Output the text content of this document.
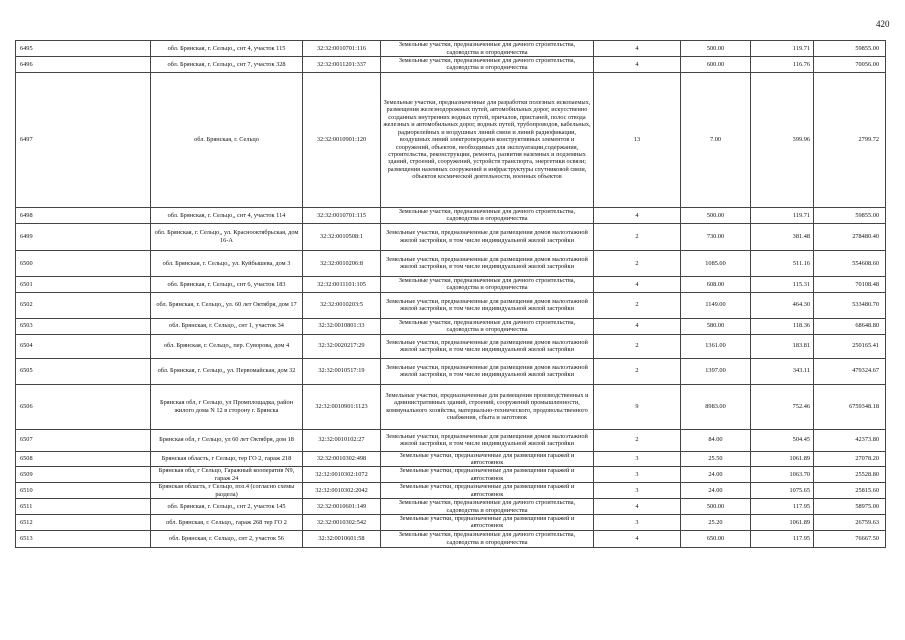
420
6495	обл. Брянская, г. Сельцо,, снт 4, участок 115	32:32:0010701:116	Земельные участки, предназначенные для дачного строительства, садоводства и огородничества	4	500.00	119.71	59855.00
6496	обл. Брянская, г. Сельцо,, снт 7, участок 328	32:32:0011201:337	Земельные участки, предназначенные для дачного строительства, садоводства и огородничества	4	600.00	116.76	70056.00
6497	обл. Брянская, г. Сельцо	32:32:0010901:120	Земельные участки, предназначенные для разработки полезных ископаемых, размещения железнодорожных путей, автомобильных дорог, искусственно созданных внутренних водных путей, причалов, пристаней, полос отвода железных и автомобильных дорог, водных путей, трубопроводов, кабельных, радиорелейных и воздушных линий связи и линий радиофикации, воздушных линий электропередачи конструктивных элементов и сооружений, объектов, необходимых для эксплуатации,содержания, строительства, реконструкции, ремонта, развития наземных и подземных зданий, строений, сооружений, устройств транспорта, энергетики освязи; размещения наземных сооружений и инфраструктуры спутниковой связи, объектов космической деятельности, военных объектов	13	7.00	399.96	2799.72
6498	обл. Брянская, г. Сельцо,, снт 4, участок 114	32:32:0010701:115	Земельные участки, предназначенные для дачного строительства, садоводства и огородничества	4	500.00	119.71	59855.00
6499	обл. Брянская, г. Сельцо,, ул. Краснооктябрьская, дом 16-А	32:32:0010508:1	Земельные участки, предназначенные для размещения домов малоэтажной жилой застройки, в том числе индивидуальной жилой застройки	2	730.00	381.48	278480.40
6500	обл. Брянская, г. Сельцо,, ул. Куйбышева, дом 3	32:32:0010206:8	Земельные участки, предназначенные для размещения домов малоэтажной жилой застройки, в том числе индивидуальной жилой застройки	2	1085.00	511.16	554608.60
6501	обл. Брянская, г. Сельцо,, снт 6, участок 183	32:32:0011101:105	Земельные участки, предназначенные для дачного строительства, садоводства и огородничества	4	608.00	115.31	70108.48
6502	обл. Брянская, г. Сельцо,, ул. 60 лет Октября, дом 17	32:32:0010203:5	Земельные участки, предназначенные для размещения домов малоэтажной жилой застройки, в том числе индивидуальной жилой застройки	2	1149.00	464.30	533480.70
6503	обл. Брянская, г. Сельцо,, снт 1, участок 34	32:32:0010801:33	Земельные участки, предназначенные для дачного строительства, садоводства и огородничества	4	580.00	118.36	68648.80
6504	обл. Брянская, г. Сельцо,, пер. Суворова, дом 4	32:32:0020217:29	Земельные участки, предназначенные для размещения домов малоэтажной жилой застройки, в том числе индивидуальной жилой застройки	2	1361.00	183.81	250165.41
6505	обл. Брянская, г. Сельцо,, ул. Первомайская, дом 32	32:32:0010517:19	Земельные участки, предназначенные для размещения домов малоэтажной жилой застройки, в том числе индивидуальной жилой застройки	2	1397.00	343.11	479324.67
6506	Брянская обл, г Сельцо, ул Промплощадка, район жилого дома N 12 в сторону г. Брянска	32:32:0010901:1123	Земельные участки, предназначенные для размещения производственных и административных зданий, строений, сооружений промышленности, коммунального хозяйства, материально-технического, продовольственного снабжения, сбыта и заготовок	9	8983.00	752.46	6759348.18
6507	Брянская обл, г Сельцо, ул 60 лет Октября, дом 18	32:32:0010102:27	Земельные участки, предназначенные для размещения домов малоэтажной жилой застройки, в том числе индивидуальной жилой застройки	2	84.00	504.45	42373.80
6508	Брянская область, г Сельцо, тер ГО 2, гараж 218	32:32:0010302:498	Земельные участки, предназначенные для размещения гаражей и автостоянок	3	25.50	1061.89	27078.20
6509	Брянская обл, г Сельцо, Гаражный кооператив N9, гараж 24	32:32:0010302:1072	Земельные участки, предназначенные для размещения гаражей и автостоянок	3	24.00	1063.70	25528.80
6510	Брянская область, г Сельцо, поз.4 (согласно схемы раздела)	32:32:0010302:2042	Земельные участки, предназначенные для размещения гаражей и автостоянок	3	24.00	1075.65	25815.60
6511	обл. Брянская, г. Сельцо,, снт 2, участок 145	32:32:0010601:149	Земельные участки, предназначенные для дачного строительства, садоводства и огородничества	4	500.00	117.95	58975.00
6512	обл. Брянская, г. Сельцо,, гараж 268 тер ГО 2	32:32:0010302:542	Земельные участки, предназначенные для размещения гаражей и автостоянок	3	25.20	1061.89	26759.63
6513	обл. Брянская, г. Сельцо,, снт 2, участок 56	32:32:0010601:58	Земельные участки, предназначенные для дачного строительства, садоводства и огородничества	4	650.00	117.95	76667.50
